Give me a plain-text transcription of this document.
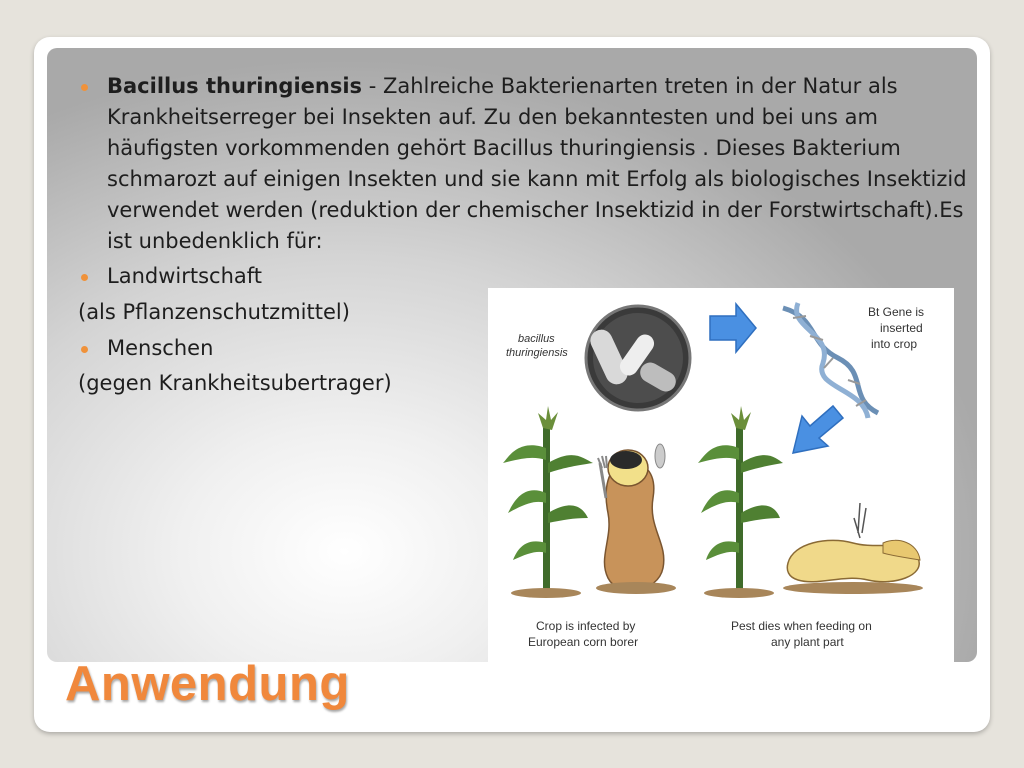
Bacillus thuringiensis - Zahlreiche Bakterienarten treten in der Natur als Krankheitserreger bei Insekten auf. Zu den bekanntesten und bei uns am häufigsten vorkommenden gehört Bacillus thuringiensis . Dieses Bakterium schmarozt auf einigen Insekten und sie kann mit Erfolg als biologisches Insektizid verwendet werden (reduktion der chemischer Insektizid in der Forstwirtschaft).Es ist unbedenklich für:
Landwirtschaft
(als Pflanzenschutzmittel)
Menschen
(gegen Krankheitsubertrager)
bacillus
thuringiensis
Bt Gene is
inserted
into crop
Crop is infected by
European corn borer
Pest dies when feeding on
any plant part
Anwendung
